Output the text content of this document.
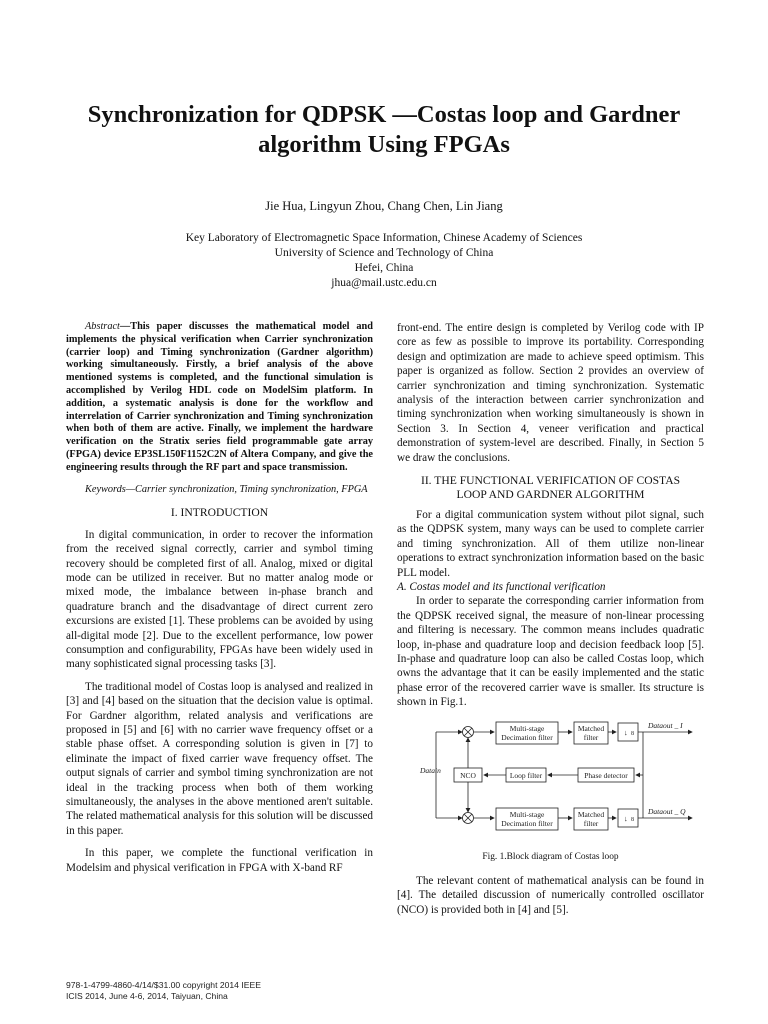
Synchronization for QDPSK —Costas loop and Gardner algorithm Using FPGAs
Jie Hua, Lingyun Zhou, Chang Chen, Lin Jiang
Key Laboratory of Electromagnetic Space Information, Chinese Academy of Sciences
University of Science and Technology of China
Hefei, China
jhua@mail.ustc.edu.cn

Abstract—This paper discusses the mathematical model and implements the physical verification when Carrier synchronization (carrier loop) and Timing synchronization (Gardner algorithm) working simultaneously. Firstly, a brief analysis of the above mentioned systems is completed, and the functional simulation is accomplished by Verilog HDL code on ModelSim platform. In addition, a systematic analysis is done for the workflow and interrelation of Carrier synchronization and Timing synchronization when both of them are active. Finally, we implement the hardware verification on the Stratix series field programmable gate array (FPGA) device EP3SL150F1152C2N of Altera Company, and give the engineering results through the RF part and space transmission.

Keywords—Carrier synchronization, Timing synchronization, FPGA

I. INTRODUCTION

In digital communication, in order to recover the information from the received signal correctly, carrier and symbol timing recovery should be completed first of all. Analog, mixed or digital mode can be utilized in receiver. But no matter analog mode or mixed mode, the imbalance between in-phase branch and quadrature branch and the disadvantage of direct current zero excursions are existed [1]. These problems can be avoided by using all-digital mode [2]. Due to the excellent performance, low power consumption and configurability, FPGAs have been widely used in many sophisticated signal processing tasks [3].

The traditional model of Costas loop is analysed and realized in [3] and [4] based on the situation that the decision value is optimal. For Gardner algorithm, related analysis and verifications are proposed in [5] and [6] with no carrier wave frequency offset or a stable phase offset. A corresponding solution is given in [7] to eliminate the impact of fixed carrier wave frequency offset. The output signals of carrier and symbol timing synchronization are not ideal in the tracking process when both of them working simultaneously, the analyses in the above mentioned aren't suitable. The related mathematical analysis for this solution will be discussed in this paper.

In this paper, we complete the functional verification in Modelsim and physical verification in FPGA with X-band RF

front-end. The entire design is completed by Verilog code with IP core as few as possible to improve its portability. Corresponding design and optimization are made to achieve speed optimism. This paper is organized as follow. Section 2 provides an overview of carrier synchronization and timing synchronization. Systematic analysis of the interaction between carrier synchronization and timing synchronization when working simultaneously is shown in Section 3. In Section 4, veneer verification and practical demonstration of system-level are described. Finally, in Section 5 we draw the conclusions.

II. THE FUNCTIONAL VERIFICATION OF COSTAS
LOOP AND GARDNER ALGORITHM

For a digital communication system without pilot signal, such as the QDPSK system, many ways can be used to complete carrier and timing synchronization. All of them utilize non-linear operations to extract synchronization information based on the basic PLL model.

A. Costas model and its functional verification

In order to separate the corresponding carrier information from the QDPSK received signal, the measure of non-linear processing and filtering is necessary. The common means includes quadratic loop, in-phase and quadrature loop and decision feedback loop [5]. In-phase and quadrature loop can also be called Costas loop, which owns the advantage that it can be easily implemented and the static phase error of the recovered carrier wave is smaller. Its structure is shown in Fig.1.

Datain
NCO
Multi-stage
Decimation filter
Multi-stage
Decimation filter
Matched
filter
Matched
filter
↓ 8
↓ 8
Dataout _ I
Dataout _ Q
Phase detector
Loop filter
Fig. 1.Block diagram of Costas loop

The relevant content of mathematical analysis can be found in [4]. The detailed discussion of numerically controlled oscillator (NCO) is provided both in [4] and [5].

978-1-4799-4860-4/14/$31.00 copyright 2014 IEEE
ICIS 2014, June 4-6, 2014, Taiyuan, China
